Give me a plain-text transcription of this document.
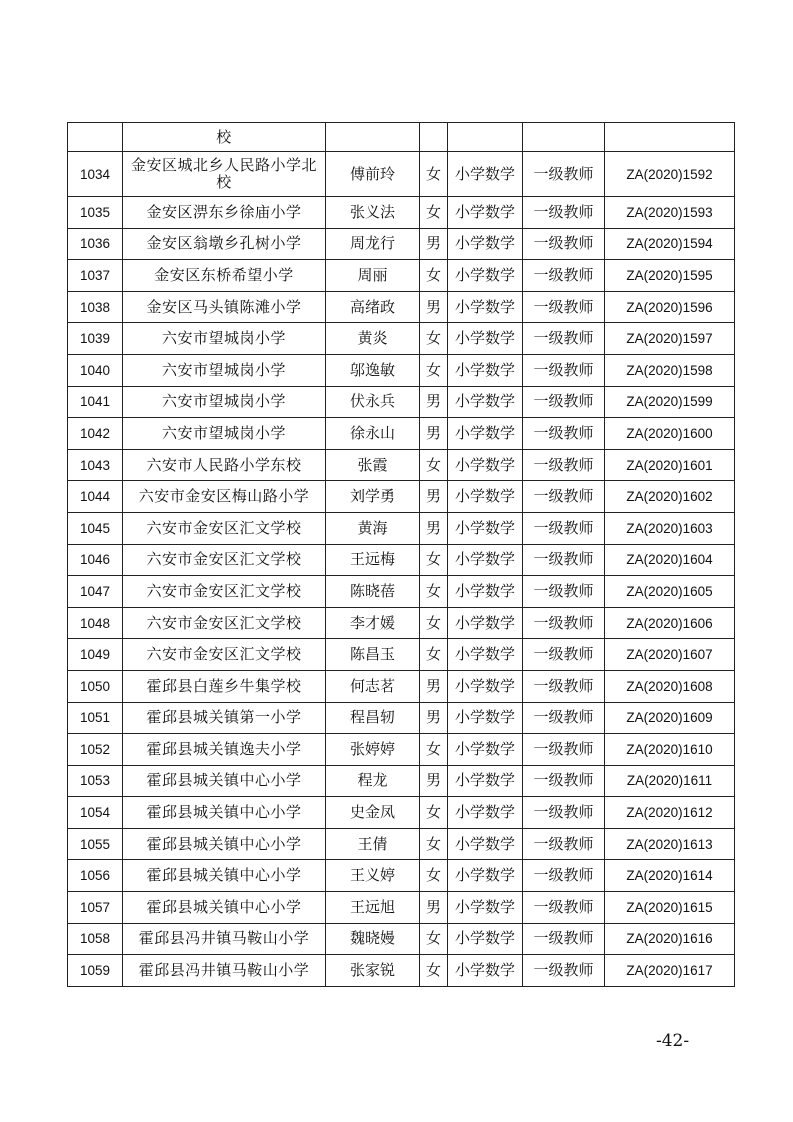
	校					
1034	金安区城北乡人民路小学北校	傅前玲	女	小学数学	一级教师	ZA(2020)1592
1035	金安区淠东乡徐庙小学	张义法	女	小学数学	一级教师	ZA(2020)1593
1036	金安区翁墩乡孔树小学	周龙行	男	小学数学	一级教师	ZA(2020)1594
1037	金安区东桥希望小学	周丽	女	小学数学	一级教师	ZA(2020)1595
1038	金安区马头镇陈滩小学	高绪政	男	小学数学	一级教师	ZA(2020)1596
1039	六安市望城岗小学	黄炎	女	小学数学	一级教师	ZA(2020)1597
1040	六安市望城岗小学	邬逸敏	女	小学数学	一级教师	ZA(2020)1598
1041	六安市望城岗小学	伏永兵	男	小学数学	一级教师	ZA(2020)1599
1042	六安市望城岗小学	徐永山	男	小学数学	一级教师	ZA(2020)1600
1043	六安市人民路小学东校	张霞	女	小学数学	一级教师	ZA(2020)1601
1044	六安市金安区梅山路小学	刘学勇	男	小学数学	一级教师	ZA(2020)1602
1045	六安市金安区汇文学校	黄海	男	小学数学	一级教师	ZA(2020)1603
1046	六安市金安区汇文学校	王远梅	女	小学数学	一级教师	ZA(2020)1604
1047	六安市金安区汇文学校	陈晓蓓	女	小学数学	一级教师	ZA(2020)1605
1048	六安市金安区汇文学校	李才媛	女	小学数学	一级教师	ZA(2020)1606
1049	六安市金安区汇文学校	陈昌玉	女	小学数学	一级教师	ZA(2020)1607
1050	霍邱县白莲乡牛集学校	何志茗	男	小学数学	一级教师	ZA(2020)1608
1051	霍邱县城关镇第一小学	程昌轫	男	小学数学	一级教师	ZA(2020)1609
1052	霍邱县城关镇逸夫小学	张婷婷	女	小学数学	一级教师	ZA(2020)1610
1053	霍邱县城关镇中心小学	程龙	男	小学数学	一级教师	ZA(2020)1611
1054	霍邱县城关镇中心小学	史金凤	女	小学数学	一级教师	ZA(2020)1612
1055	霍邱县城关镇中心小学	王倩	女	小学数学	一级教师	ZA(2020)1613
1056	霍邱县城关镇中心小学	王义婷	女	小学数学	一级教师	ZA(2020)1614
1057	霍邱县城关镇中心小学	王远旭	男	小学数学	一级教师	ZA(2020)1615
1058	霍邱县冯井镇马鞍山小学	魏晓嫚	女	小学数学	一级教师	ZA(2020)1616
1059	霍邱县冯井镇马鞍山小学	张家锐	女	小学数学	一级教师	ZA(2020)1617
-42-
